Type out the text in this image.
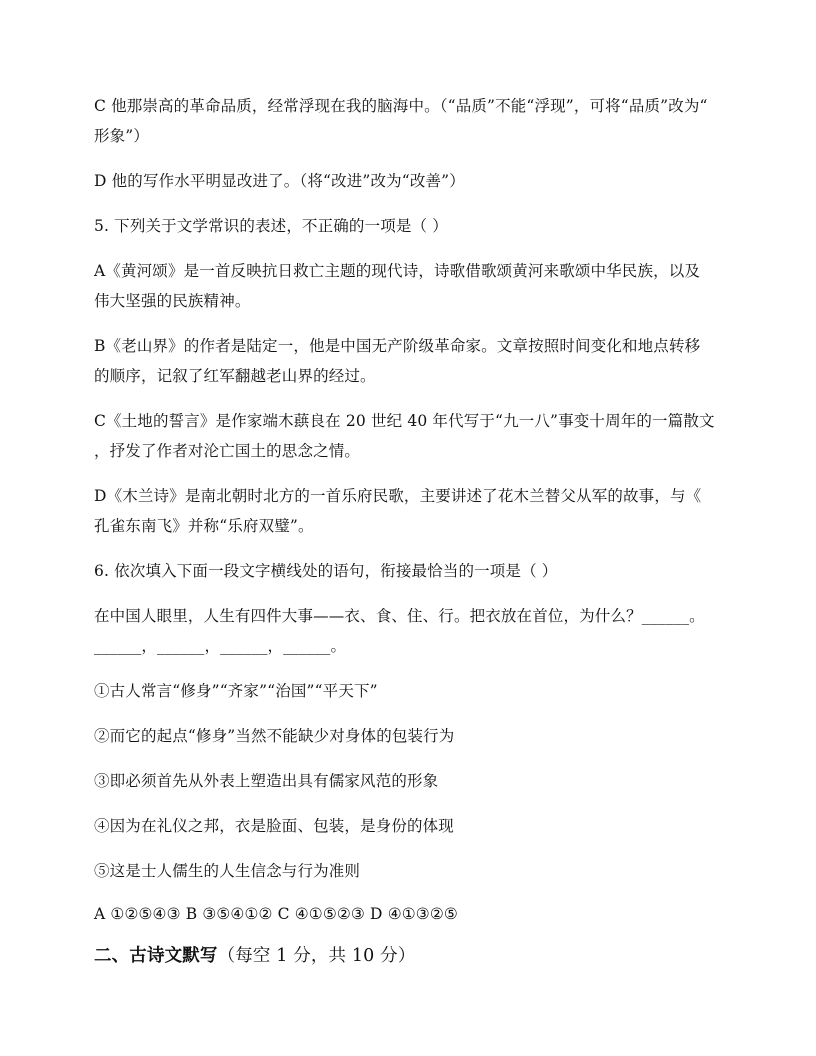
C 他那崇高的革命品质，经常浮现在我的脑海中。（“品质”不能“浮现”，可将“品质”改为“
形象”）
D 他的写作水平明显改进了。（将“改进”改为“改善”）
5. 下列关于文学常识的表述，不正确的一项是（ ）
A《黄河颂》是一首反映抗日救亡主题的现代诗，诗歌借歌颂黄河来歌颂中华民族，以及
伟大坚强的民族精神。
B《老山界》的作者是陆定一，他是中国无产阶级革命家。文章按照时间变化和地点转移
的顺序，记叙了红军翻越老山界的经过。
C《土地的誓言》是作家端木蕻良在 20 世纪 40 年代写于“九一八”事变十周年的一篇散文
，抒发了作者对沦亡国土的思念之情。
D《木兰诗》是南北朝时北方的一首乐府民歌，主要讲述了花木兰替父从军的故事，与《
孔雀东南飞》并称“乐府双璧”。
6. 依次填入下面一段文字横线处的语句，衔接最恰当的一项是（ ）
在中国人眼里，人生有四件大事——衣、食、住、行。把衣放在首位，为什么？______。
______，______，______，______。
①古人常言“修身”“齐家”“治国”“平天下”
②而它的起点“修身”当然不能缺少对身体的包装行为
③即必须首先从外表上塑造出具有儒家风范的形象
④因为在礼仪之邦，衣是脸面、包装，是身份的体现
⑤这是士人儒生的人生信念与行为准则
A ①②⑤④③ B ③⑤④①② C ④①⑤②③ D ④①③②⑤
二、古诗文默写（每空 1 分，共 10 分）
